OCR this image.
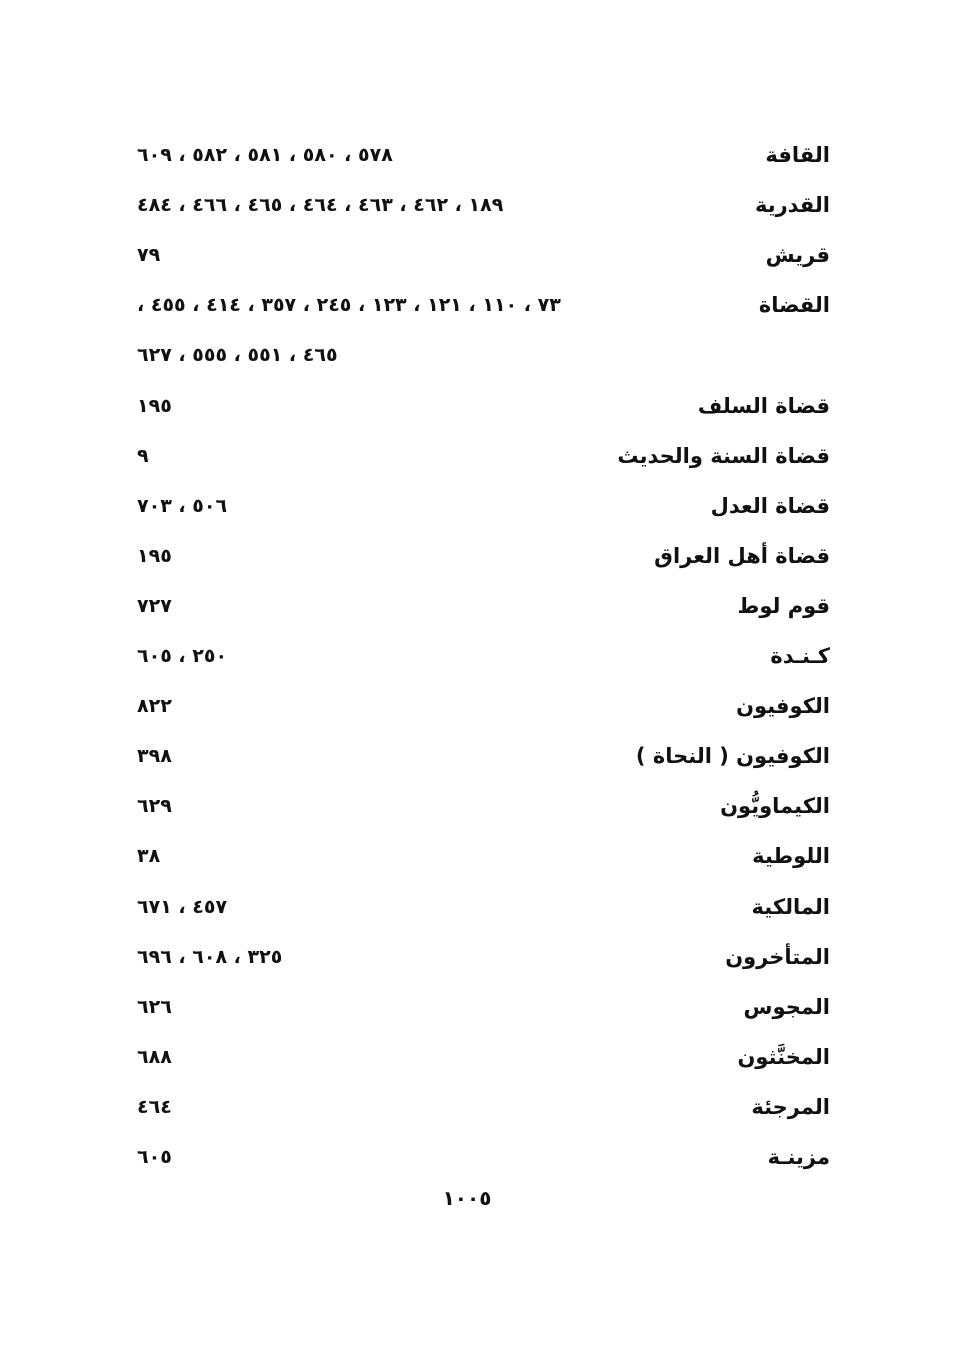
القافة
٥٧٨ ، ٥٨٠ ، ٥٨١ ، ٥٨٢ ، ٦٠٩
القدرية
١٨٩ ، ٤٦٢ ، ٤٦٣ ، ٤٦٤ ، ٤٦٥ ، ٤٦٦ ، ٤٨٤
قريش
٧٩
القضاة
٧٣ ، ١١٠ ، ١٢١ ، ١٢٣ ، ٢٤٥ ، ٣٥٧ ، ٤١٤ ، ٤٥٥ ،
٤٦٥ ، ٥٥١ ، ٥٥٥ ، ٦٢٧
قضاة السلف
١٩٥
قضاة السنة والحديث
٩
قضاة العدل
٥٠٦ ، ٧٠٣
قضاة أهل العراق
١٩٥
قوم لوط
٧٢٧
كـنـدة
٢٥٠ ، ٦٠٥
الكوفيون
٨٢٢
الكوفيون ( النحاة )
٣٩٨
الكيماويُّون
٦٢٩
اللوطية
٣٨
المالكية
٤٥٧ ، ٦٧١
المتأخرون
٣٢٥ ، ٦٠٨ ، ٦٩٦
المجوس
٦٢٦
المخنَّثون
٦٨٨
المرجئة
٤٦٤
مزينـة
٦٠٥
١٠٠٥
